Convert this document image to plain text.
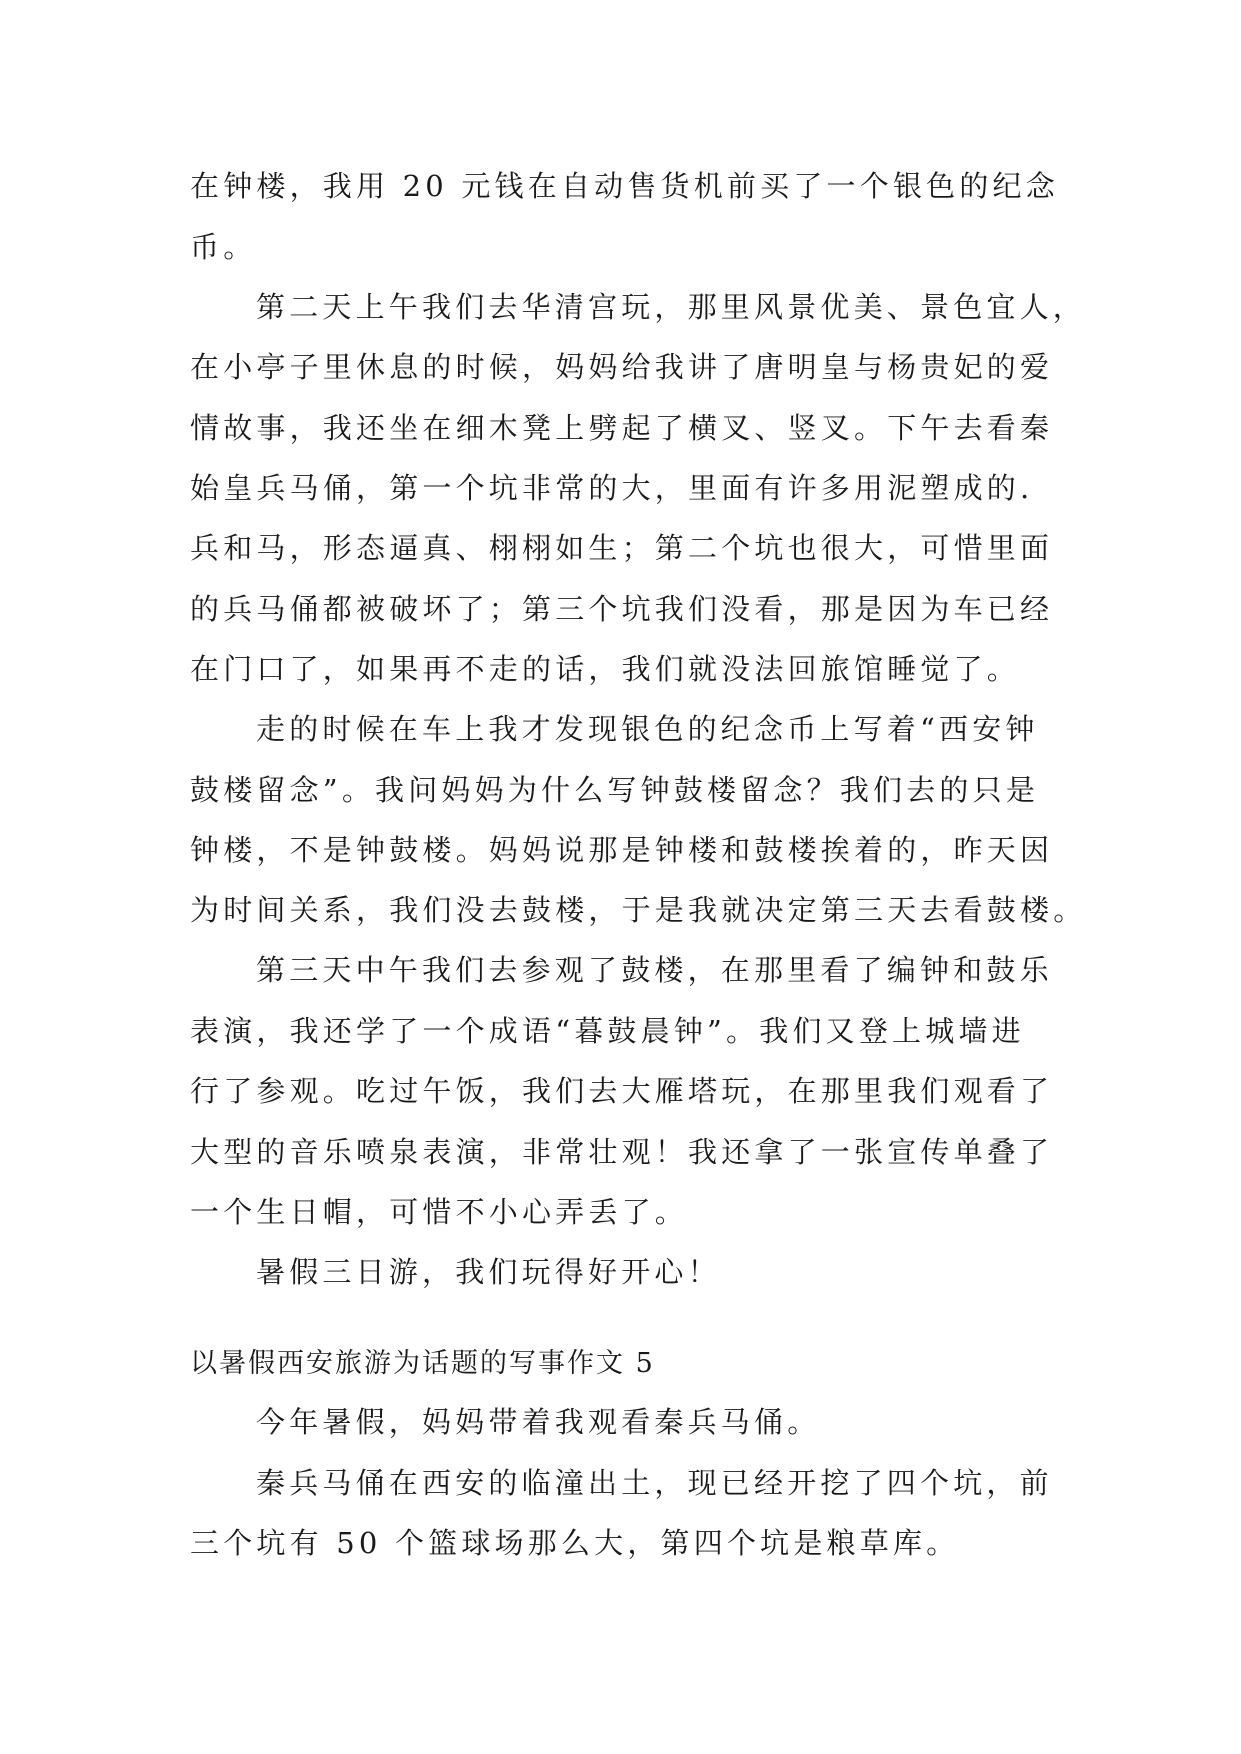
在钟楼，我用 20 元钱在自动售货机前买了一个银色的纪念
币。
第二天上午我们去华清宫玩，那里风景优美、景色宜人，
在小亭子里休息的时候，妈妈给我讲了唐明皇与杨贵妃的爱
情故事，我还坐在细木凳上劈起了横叉、竖叉。下午去看秦
始皇兵马俑，第一个坑非常的大，里面有许多用泥塑成的.
兵和马，形态逼真、栩栩如生；第二个坑也很大，可惜里面
的兵马俑都被破坏了；第三个坑我们没看，那是因为车已经
在门口了，如果再不走的话，我们就没法回旅馆睡觉了。
走的时候在车上我才发现银色的纪念币上写着“西安钟
鼓楼留念”。我问妈妈为什么写钟鼓楼留念？我们去的只是
钟楼，不是钟鼓楼。妈妈说那是钟楼和鼓楼挨着的，昨天因
为时间关系，我们没去鼓楼，于是我就决定第三天去看鼓楼。
第三天中午我们去参观了鼓楼，在那里看了编钟和鼓乐
表演，我还学了一个成语“暮鼓晨钟”。我们又登上城墙进
行了参观。吃过午饭，我们去大雁塔玩，在那里我们观看了
大型的音乐喷泉表演，非常壮观！我还拿了一张宣传单叠了
一个生日帽，可惜不小心弄丢了。
暑假三日游，我们玩得好开心！
以暑假西安旅游为话题的写事作文 5
今年暑假，妈妈带着我观看秦兵马俑。
秦兵马俑在西安的临潼出土，现已经开挖了四个坑，前
三个坑有 50 个篮球场那么大，第四个坑是粮草库。
